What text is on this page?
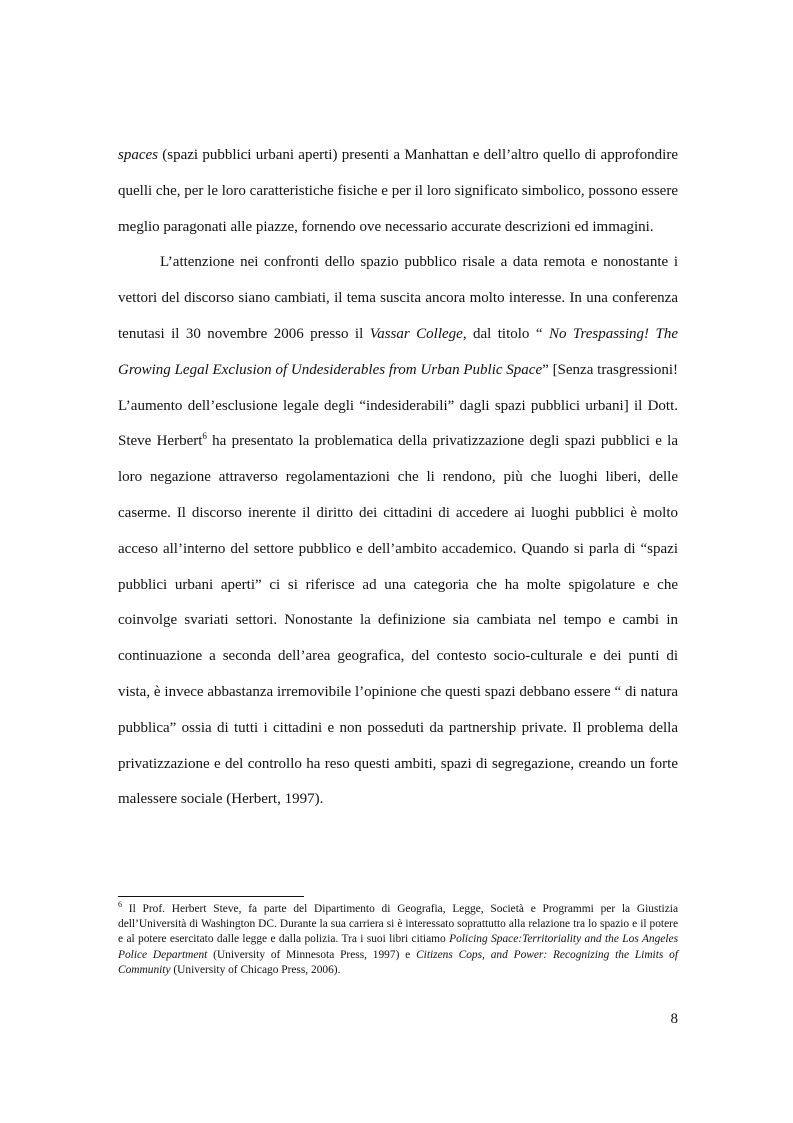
spaces (spazi pubblici urbani aperti) presenti a Manhattan e dell’altro quello di approfondire quelli che, per le loro caratteristiche fisiche e per il loro significato simbolico, possono essere meglio paragonati alle piazze, fornendo ove necessario accurate descrizioni ed immagini.

L’attenzione nei confronti dello spazio pubblico risale a data remota e nonostante i vettori del discorso siano cambiati, il tema suscita ancora molto interesse. In una conferenza tenutasi il 30 novembre 2006 presso il Vassar College, dal titolo “ No Trespassing! The Growing Legal Exclusion of Undesiderables from Urban Public Space” [Senza trasgressioni! L’aumento dell’esclusione legale degli “indesiderabili” dagli spazi pubblici urbani] il Dott. Steve Herbert$^6$ ha presentato la problematica della privatizzazione degli spazi pubblici e la loro negazione attraverso regolamentazioni che li rendono, più che luoghi liberi, delle caserme. Il discorso inerente il diritto dei cittadini di accedere ai luoghi pubblici è molto acceso all’interno del settore pubblico e dell’ambito accademico. Quando si parla di “spazi pubblici urbani aperti” ci si riferisce ad una categoria che ha molte spigolature e che coinvolge svariati settori. Nonostante la definizione sia cambiata nel tempo e cambi in continuazione a seconda dell’area geografica, del contesto socio-culturale e dei punti di vista, è invece abbastanza irremovibile l’opinione che questi spazi debbano essere “ di natura pubblica” ossia di tutti i cittadini e non posseduti da partnership private. Il problema della privatizzazione e del controllo ha reso questi ambiti, spazi di segregazione, creando un forte malessere sociale (Herbert, 1997).

$^6$ Il Prof. Herbert Steve, fa parte del Dipartimento di Geografia, Legge, Società e Programmi per la Giustizia dell’Università di Washington DC. Durante la sua carriera si è interessato soprattutto alla relazione tra lo spazio e il potere e al potere esercitato dalle legge e dalla polizia. Tra i suoi libri citiamo Policing Space:Territoriality and the Los Angeles Police Department (University of Minnesota Press, 1997) e Citizens Cops, and Power: Recognizing the Limits of Community (University of Chicago Press, 2006).
8
